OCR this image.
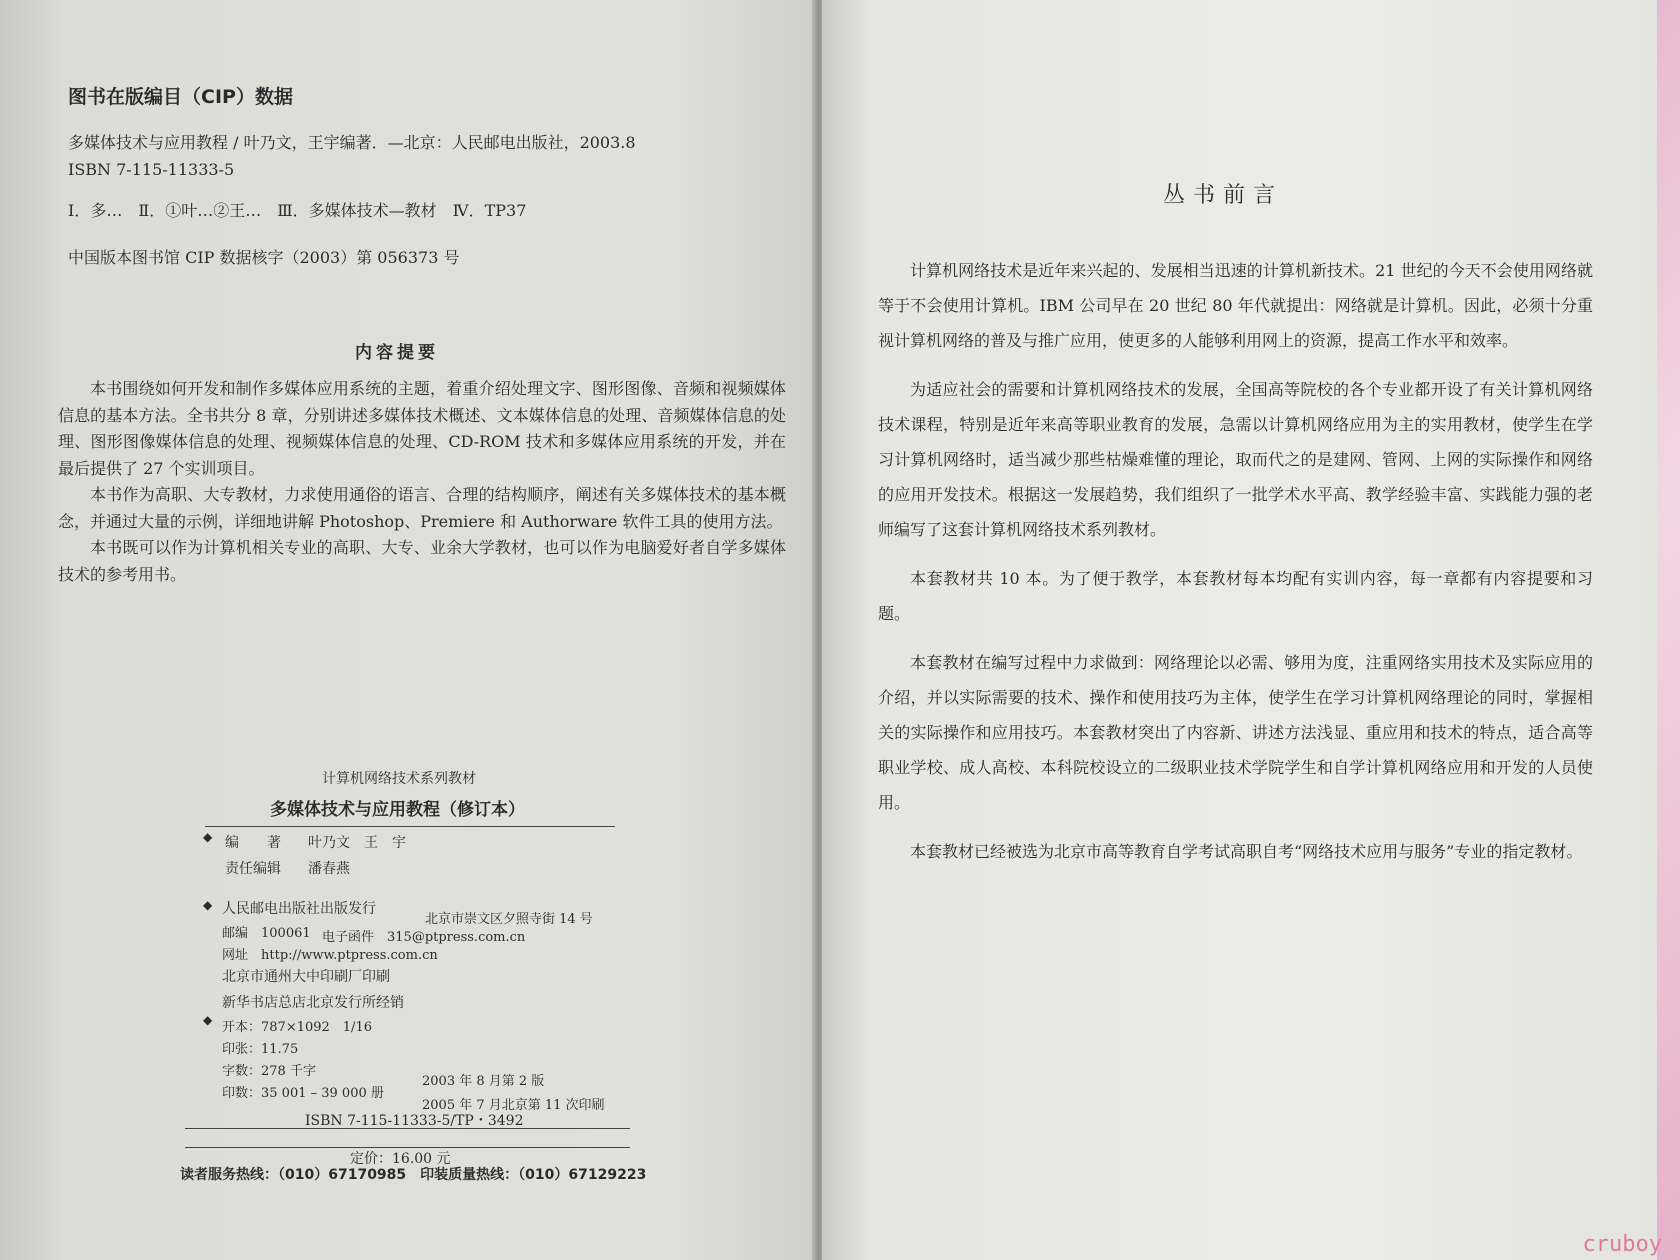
图书在版编目（CIP）数据
多媒体技术与应用教程 / 叶乃文，王宇编著．—北京：人民邮电出版社，2003.8
ISBN 7-115-11333-5
Ⅰ．多…　Ⅱ．①叶…②王…　Ⅲ．多媒体技术—教材　Ⅳ．TP37
中国版本图书馆 CIP 数据核字（2003）第 056373 号
内容提要

本书围绕如何开发和制作多媒体应用系统的主题，着重介绍处理文字、图形图像、音频和视频媒体信息的基本方法。全书共分 8 章，分别讲述多媒体技术概述、文本媒体信息的处理、音频媒体信息的处理、图形图像媒体信息的处理、视频媒体信息的处理、CD-ROM 技术和多媒体应用系统的开发，并在最后提供了 27 个实训项目。

本书作为高职、大专教材，力求使用通俗的语言、合理的结构顺序，阐述有关多媒体技术的基本概念，并通过大量的示例，详细地讲解 Photoshop、Premiere 和 Authorware 软件工具的使用方法。

本书既可以作为计算机相关专业的高职、大专、业余大学教材，也可以作为电脑爱好者自学多媒体技术的参考用书。

计算机网络技术系列教材
多媒体技术与应用教程（修订本）
◆ 编　　著 叶乃文　王　宇
责任编辑 潘春燕
◆ 人民邮电出版社出版发行
北京市崇文区夕照寺街 14 号
邮编　100061 电子函件　315@ptpress.com.cn
网址　http://www.ptpress.com.cn
北京市通州大中印刷厂印刷
新华书店总店北京发行所经销
◆ 开本：787×1092　1/16
印张：11.75
字数：278 千字
2003 年 8 月第 2 版
印数：35 001 – 39 000 册
2005 年 7 月北京第 11 次印刷
ISBN 7-115-11333-5/TP・3492
定价：16.00 元
读者服务热线：（010）67170985　印装质量热线：（010）67129223
丛书前言

计算机网络技术是近年来兴起的、发展相当迅速的计算机新技术。21 世纪的今天不会使用网络就等于不会使用计算机。IBM 公司早在 20 世纪 80 年代就提出：网络就是计算机。因此，必须十分重视计算机网络的普及与推广应用，使更多的人能够利用网上的资源，提高工作水平和效率。

为适应社会的需要和计算机网络技术的发展，全国高等院校的各个专业都开设了有关计算机网络技术课程，特别是近年来高等职业教育的发展，急需以计算机网络应用为主的实用教材，使学生在学习计算机网络时，适当减少那些枯燥难懂的理论，取而代之的是建网、管网、上网的实际操作和网络的应用开发技术。根据这一发展趋势，我们组织了一批学术水平高、教学经验丰富、实践能力强的老师编写了这套计算机网络技术系列教材。

本套教材共 10 本。为了便于教学，本套教材每本均配有实训内容，每一章都有内容提要和习题。

本套教材在编写过程中力求做到：网络理论以必需、够用为度，注重网络实用技术及实际应用的介绍，并以实际需要的技术、操作和使用技巧为主体，使学生在学习计算机网络理论的同时，掌握相关的实际操作和应用技巧。本套教材突出了内容新、讲述方法浅显、重应用和技术的特点，适合高等职业学校、成人高校、本科院校设立的二级职业技术学院学生和自学计算机网络应用和开发的人员使用。

本套教材已经被选为北京市高等教育自学考试高职自考“网络技术应用与服务”专业的指定教材。

cruboy
